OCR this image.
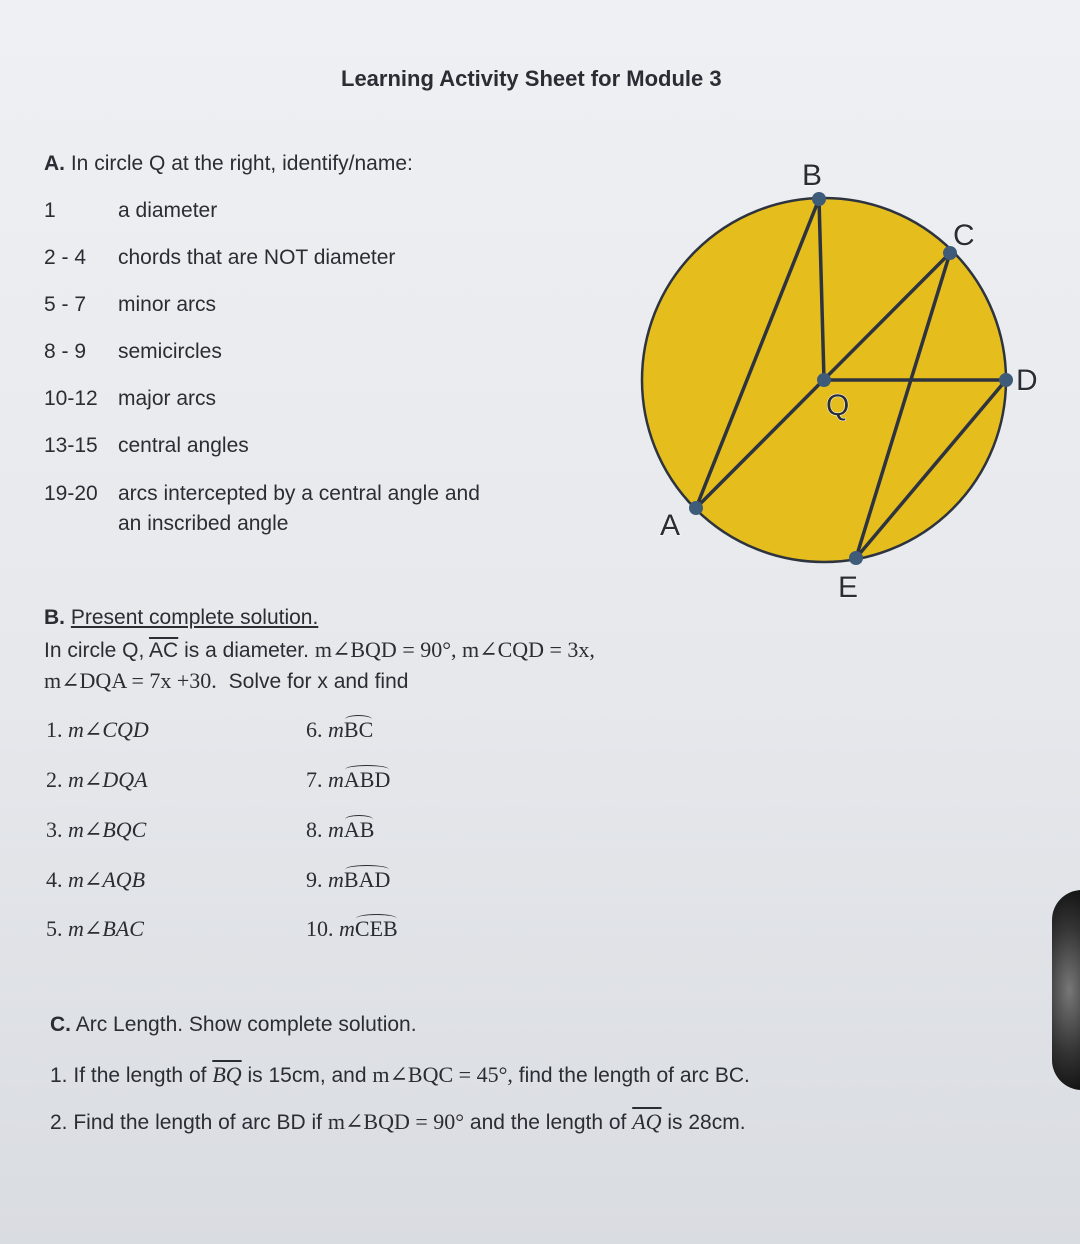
Learning Activity Sheet for Module 3
A. In circle Q at the right, identify/name:
1	a diameter
2 - 4 chords that are NOT diameter
5 - 7 minor arcs
8 - 9 semicircles
10-12 major arcs
13-15 central angles
19-20 arcs intercepted by a central angle and
an inscribed angle
B
C
D
Q
A
E
B. Present complete solution.
In circle Q, $\overline{AC}$ is a diameter. m∠BQD = 90°, m∠CQD = 3x,
m∠DQA = 7x +30. Solve for x and find
1. m∠CQD
2. m∠DQA
3. m∠BQC
4. m∠AQB
5. m∠BAC
6. mBC
7. mABD
8. mAB
9. mBAD
10. mCEB
C. Arc Length. Show complete solution.
1. If the length of $\overline{BQ}$ is 15cm, and m∠BQC = 45°, find the length of arc BC.
2. Find the length of arc BD if m∠BQD = 90° and the length of $\overline{AQ}$ is 28cm.
